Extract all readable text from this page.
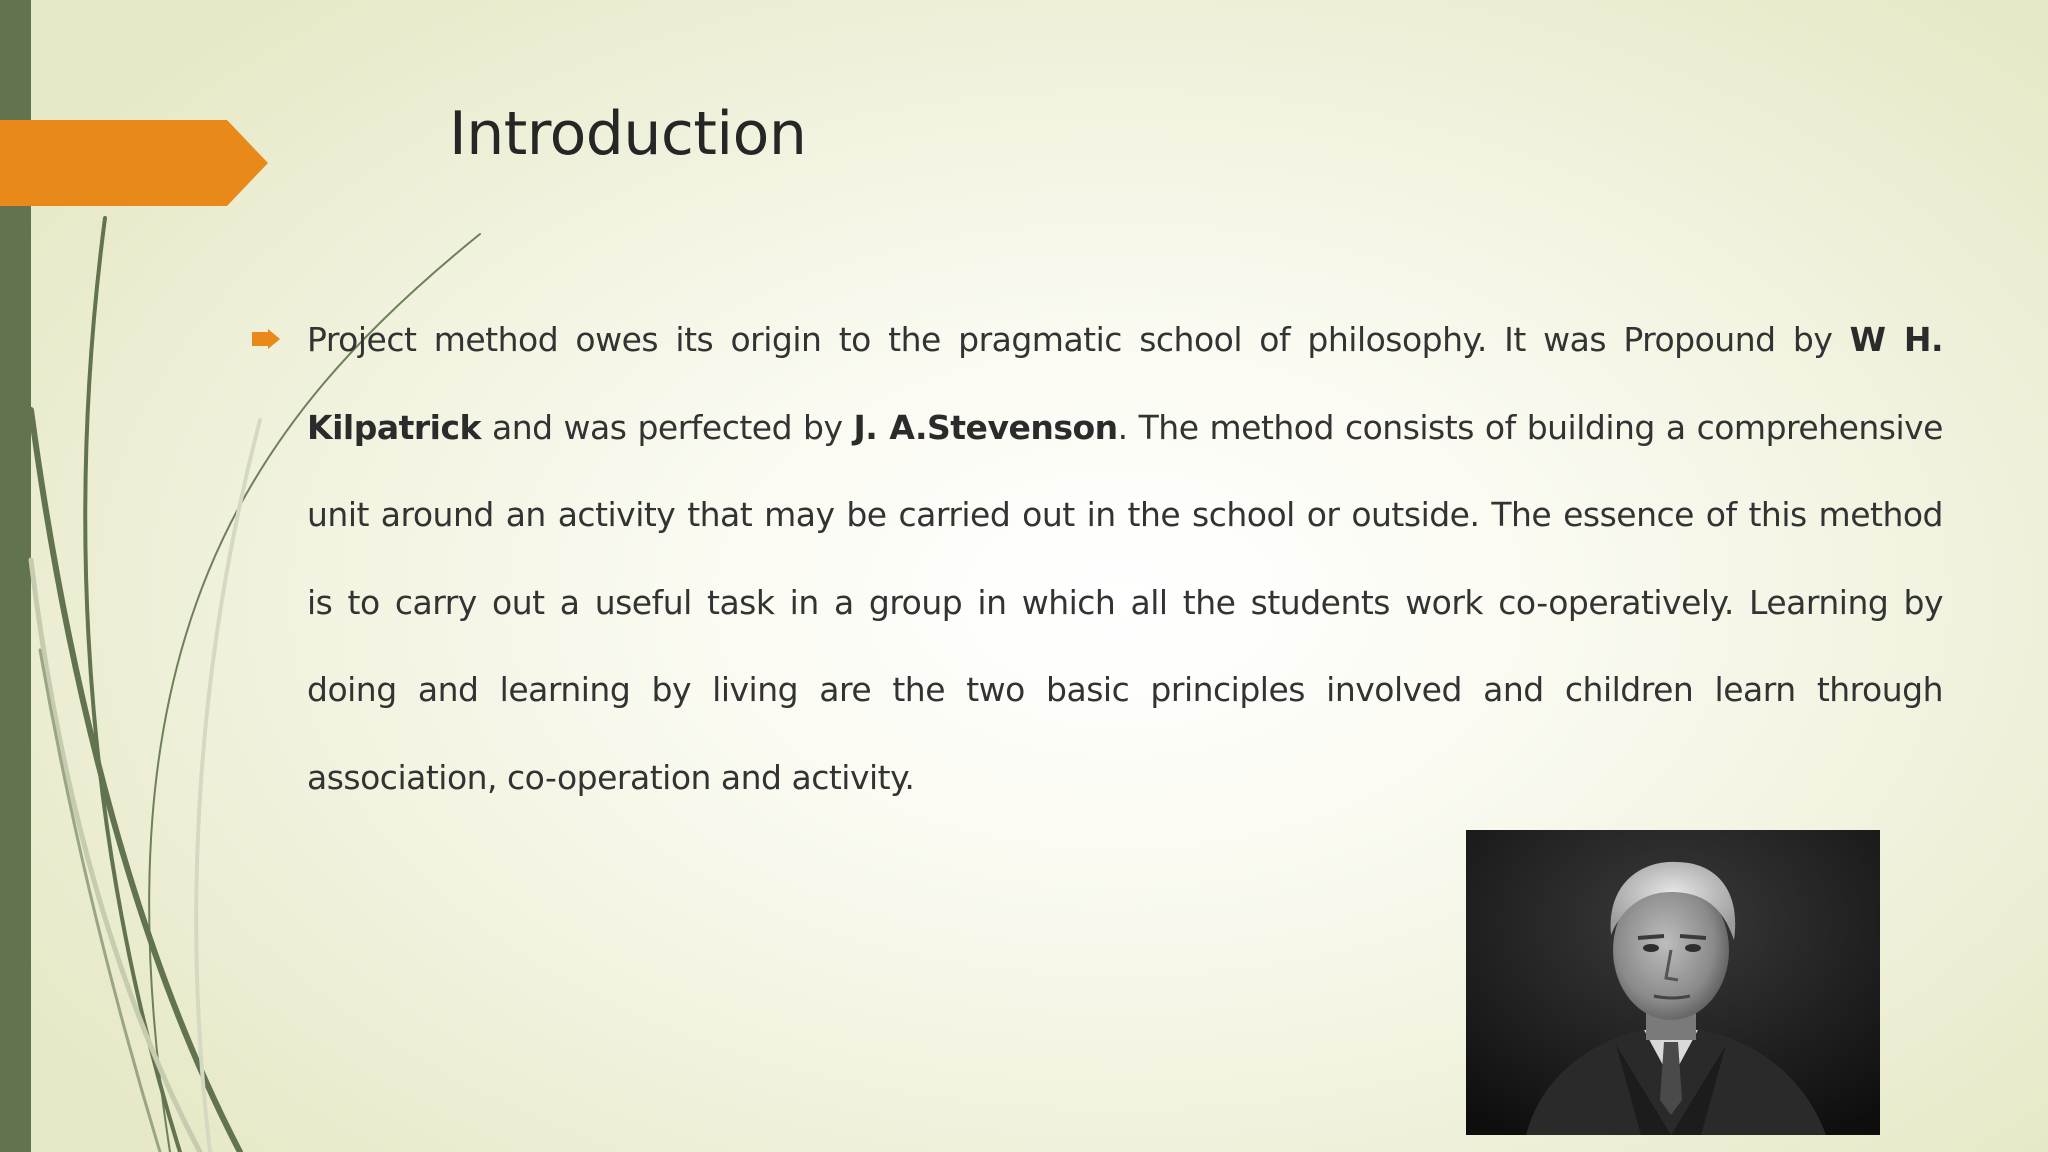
Introduction

Project method owes its origin to the pragmatic school of philosophy. It was Propound by W H. Kilpatrick and was perfected by J. A.Stevenson. The method consists of building a comprehensive unit around an activity that may be carried out in the school or outside. The essence of this method is to carry out a useful task in a group in which all the students work co-operatively. Learning by doing and learning by living are the two basic principles involved and children learn through association, co-operation and activity.
